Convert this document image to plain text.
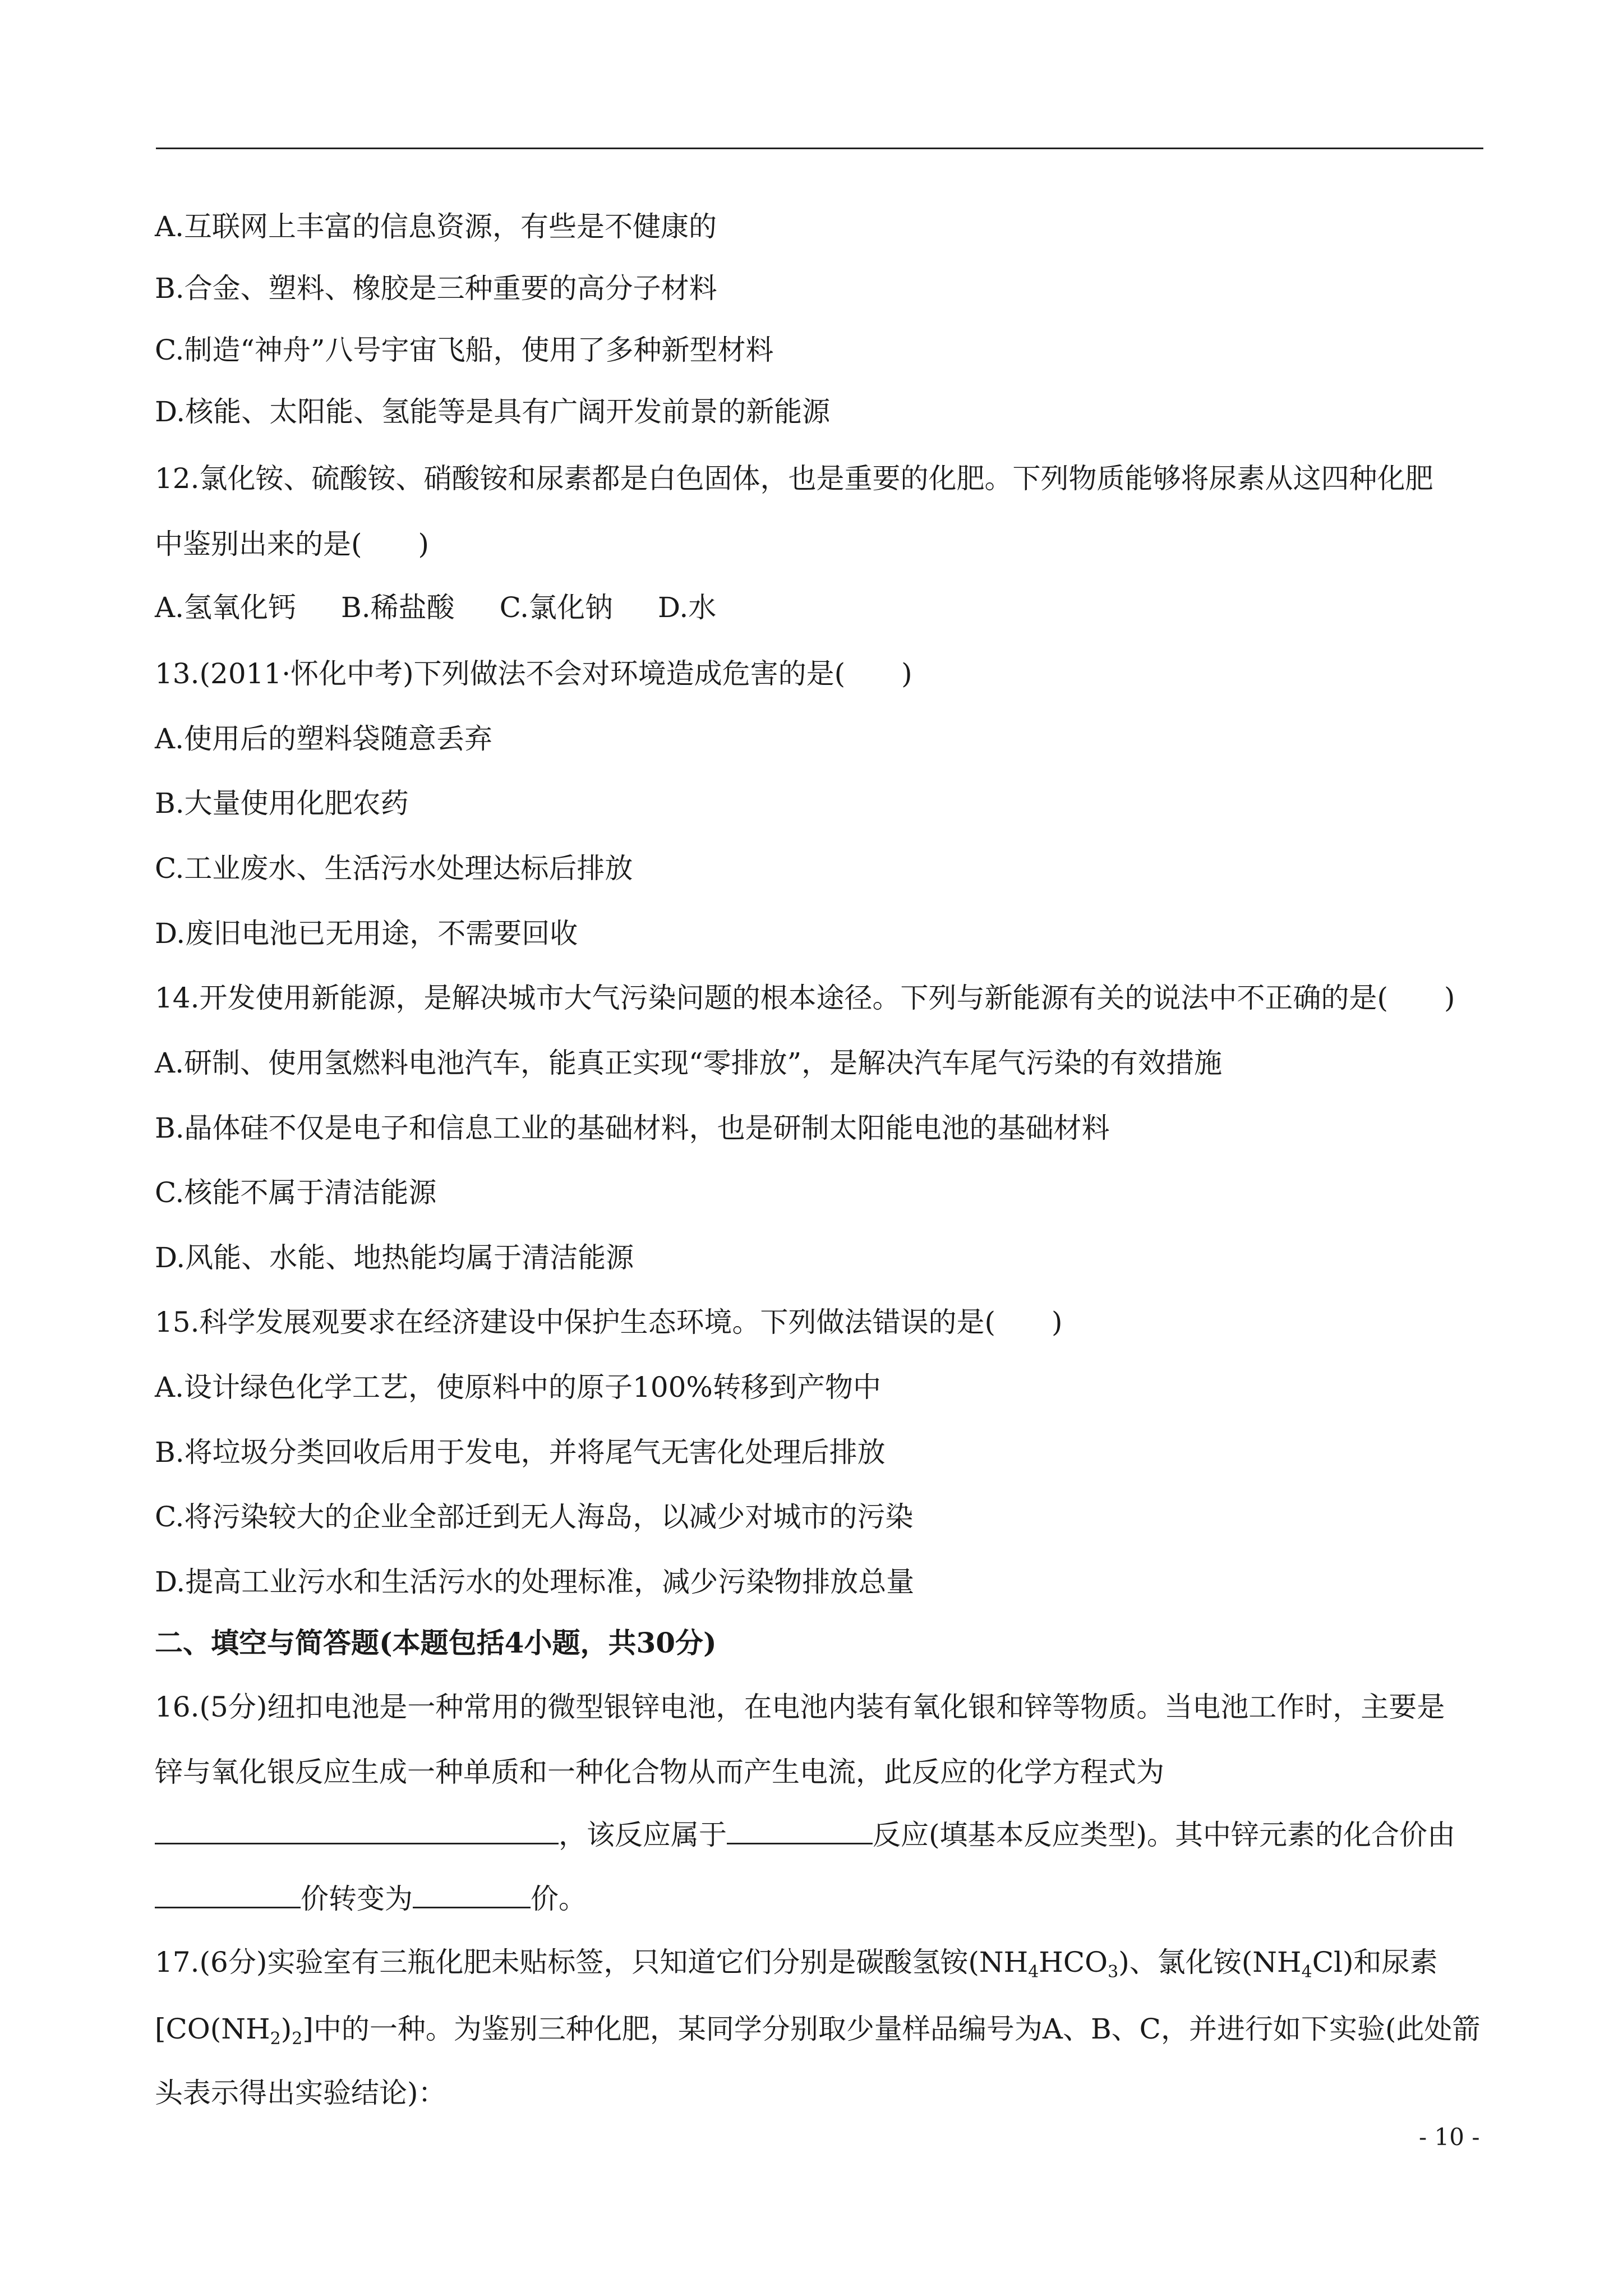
A.互联网上丰富的信息资源，有些是不健康的
B.合金、塑料、橡胶是三种重要的高分子材料
C.制造“神舟”八号宇宙飞船，使用了多种新型材料
D.核能、太阳能、氢能等是具有广阔开发前景的新能源
12.氯化铵、硫酸铵、硝酸铵和尿素都是白色固体，也是重要的化肥。下列物质能够将尿素从这四种化肥
中鉴别出来的是(　　)
A.氢氧化钙 B.稀盐酸 C.氯化钠 D.水
13.(2011·怀化中考)下列做法不会对环境造成危害的是(　　)
A.使用后的塑料袋随意丢弃
B.大量使用化肥农药
C.工业废水、生活污水处理达标后排放
D.废旧电池已无用途，不需要回收
14.开发使用新能源，是解决城市大气污染问题的根本途径。下列与新能源有关的说法中不正确的是(　　)
A.研制、使用氢燃料电池汽车，能真正实现“零排放”，是解决汽车尾气污染的有效措施
B.晶体硅不仅是电子和信息工业的基础材料，也是研制太阳能电池的基础材料
C.核能不属于清洁能源
D.风能、水能、地热能均属于清洁能源
15.科学发展观要求在经济建设中保护生态环境。下列做法错误的是(　　)
A.设计绿色化学工艺，使原料中的原子100%转移到产物中
B.将垃圾分类回收后用于发电，并将尾气无害化处理后排放
C.将污染较大的企业全部迁到无人海岛，以减少对城市的污染
D.提高工业污水和生活污水的处理标准，减少污染物排放总量
二、填空与简答题(本题包括4小题，共30分)
16.(5分)纽扣电池是一种常用的微型银锌电池，在电池内装有氧化银和锌等物质。当电池工作时，主要是
锌与氧化银反应生成一种单质和一种化合物从而产生电流，此反应的化学方程式为
，该反应属于	反应(填基本反应类型)。其中锌元素的化合价由
价转变为	价。
17.(6分)实验室有三瓶化肥未贴标签，只知道它们分别是碳酸氢铵$(NH_4HCO_3)$、氯化铵$(NH_4Cl)$和尿素
$[CO(NH_2)_2]$中的一种。为鉴别三种化肥，某同学分别取少量样品编号为A、B、C，并进行如下实验(此处箭
头表示得出实验结论)：
- 10 -
